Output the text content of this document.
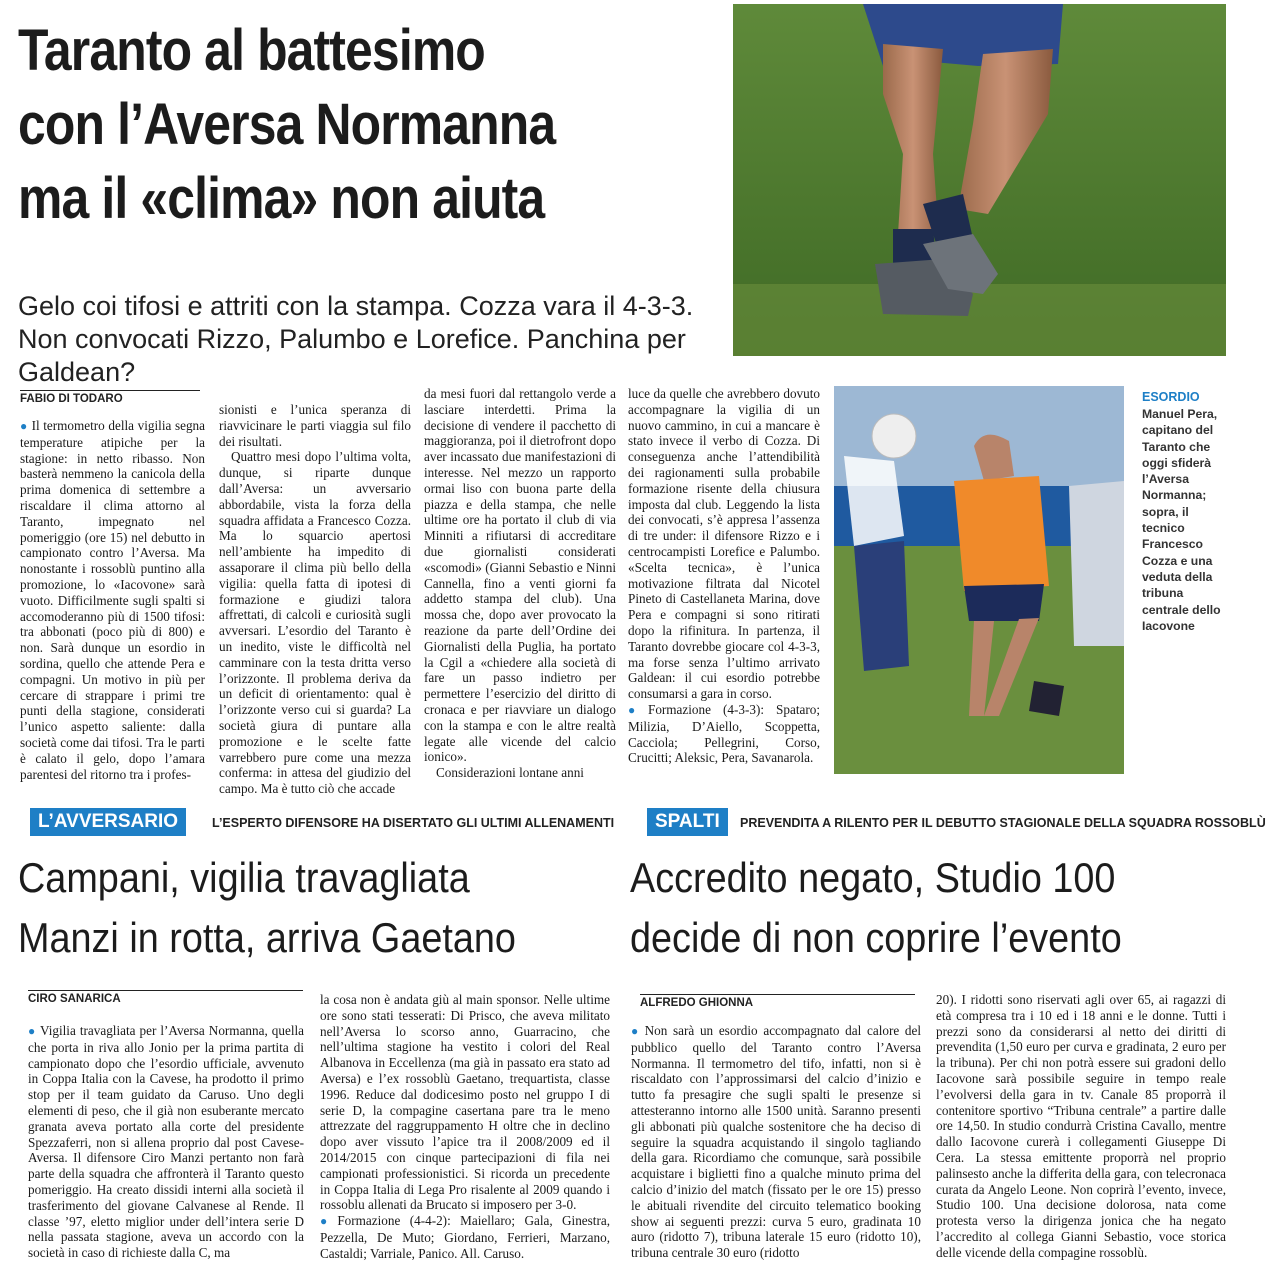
Taranto al battesimo
con l’Aversa Normanna
ma il «clima» non aiuta
Gelo coi tifosi e attriti con la stampa. Cozza vara il 4-3-3. Non convocati Rizzo, Palumbo e Lorefice. Panchina per Galdean?
ESORDIO
Manuel Pera, capitano del Taranto che oggi sfiderà l’Aversa Normanna; sopra, il tecnico Francesco Cozza e una veduta della tribuna centrale dello Iacovone
FABIO DI TODARO

● Il termometro della vigilia segna temperature atipiche per la stagione: in netto ribasso. Non basterà nemmeno la canicola della prima domenica di settembre a riscaldare il clima attorno al Taranto, impegnato nel pomeriggio (ore 15) nel debutto in campionato contro l’Aversa. Ma nonostante i rossoblù puntino alla promozione, lo «Iacovone» sarà vuoto. Difficilmente sugli spalti si accomoderanno più di 1500 tifosi: tra abbonati (poco più di 800) e non. Sarà dunque un esordio in sordina, quello che attende Pera e compagni. Un motivo in più per cercare di strappare i primi tre punti della stagione, considerati l’unico aspetto saliente: dalla società come dai tifosi. Tra le parti è calato il gelo, dopo l’amara parentesi del ritorno tra i profes-

sionisti e l’unica speranza di riavvicinare le parti viaggia sul filo dei risultati.

Quattro mesi dopo l’ultima volta, dunque, si riparte dunque dall’Aversa: un avversario abbordabile, vista la forza della squadra affidata a Francesco Cozza. Ma lo squarcio apertosi nell’ambiente ha impedito di assaporare il clima più bello della vigilia: quella fatta di ipotesi di formazione e giudizi talora affrettati, di calcoli e curiosità sugli avversari. L’esordio del Taranto è un inedito, viste le difficoltà nel camminare con la testa dritta verso l’orizzonte. Il problema deriva da un deficit di orientamento: qual è l’orizzonte verso cui si guarda? La società giura di puntare alla promozione e le scelte fatte varrebbero pure come una mezza conferma: in attesa del giudizio del campo. Ma è tutto ciò che accade

da mesi fuori dal rettangolo verde a lasciare interdetti. Prima la decisione di vendere il pacchetto di maggioranza, poi il dietrofront dopo aver incassato due manifestazioni di interesse. Nel mezzo un rapporto ormai liso con buona parte della piazza e della stampa, che nelle ultime ore ha portato il club di via Minniti a rifiutarsi di accreditare due giornalisti considerati «scomodi» (Gianni Sebastio e Ninni Cannella, fino a venti giorni fa addetto stampa del club). Una mossa che, dopo aver provocato la reazione da parte dell’Ordine dei Giornalisti della Puglia, ha portato la Cgil a «chiedere alla società di fare un passo indietro per permettere l’esercizio del diritto di cronaca e per riavviare un dialogo con la stampa e con le altre realtà legate alle vicende del calcio ionico».

Considerazioni lontane anni

luce da quelle che avrebbero dovuto accompagnare la vigilia di un nuovo cammino, in cui a mancare è stato invece il verbo di Cozza. Di conseguenza anche l’attendibilità dei ragionamenti sulla probabile formazione risente della chiusura imposta dal club. Leggendo la lista dei convocati, s’è appresa l’assenza di tre under: il difensore Rizzo e i centrocampisti Lorefice e Palumbo. «Scelta tecnica», è l’unica motivazione filtrata dal Nicotel Pineto di Castellaneta Marina, dove Pera e compagni si sono ritirati dopo la rifinitura. In partenza, il Taranto dovrebbe giocare col 4-3-3, ma forse senza l’ultimo arrivato Galdean: il cui esordio potrebbe consumarsi a gara in corso.

● Formazione (4-3-3): Spataro; Milizia, D’Aiello, Scoppetta, Cacciola; Pellegrini, Corso, Crucitti; Aleksic, Pera, Savanarola.

L’AVVERSARIO	L’ESPERTO DIFENSORE HA DISERTATO GLI ULTIMI ALLENAMENTI
Campani, vigilia travagliata
Manzi in rotta, arriva Gaetano
CIRO SANARICA

● Vigilia travagliata per l’Aversa Normanna, quella che porta in riva allo Jonio per la prima partita di campionato dopo che l’esordio ufficiale, avvenuto in Coppa Italia con la Cavese, ha prodotto il primo stop per il team guidato da Caruso. Uno degli elementi di peso, che il già non esuberante mercato granata aveva portato alla corte del presidente Spezzaferri, non si allena proprio dal post Cavese-Aversa. Il difensore Ciro Manzi pertanto non farà parte della squadra che affronterà il Taranto questo pomeriggio. Ha creato dissidi interni alla società il trasferimento del giovane Calvanese al Rende. Il classe ’97, eletto miglior under dell’intera serie D nella passata stagione, aveva un accordo con la società in caso di richieste dalla C, ma

la cosa non è andata giù al main sponsor. Nelle ultime ore sono stati tesserati: Di Prisco, che aveva militato nell’Aversa lo scorso anno, Guarracino, che nell’ultima stagione ha vestito i colori del Real Albanova in Eccellenza (ma già in passato era stato ad Aversa) e l’ex rossoblù Gaetano, trequartista, classe 1996. Reduce dal dodicesimo posto nel gruppo I di serie D, la compagine casertana pare tra le meno attrezzate del raggruppamento H oltre che in declino dopo aver vissuto l’apice tra il 2008/2009 ed il 2014/2015 con cinque partecipazioni di fila nei campionati professionistici. Si ricorda un precedente in Coppa Italia di Lega Pro risalente al 2009 quando i rossoblu allenati da Brucato si imposero per 3-0.

● Formazione (4-4-2): Maiellaro; Gala, Ginestra, Pezzella, De Muto; Giordano, Ferrieri, Marzano, Castaldi; Varriale, Panico. All. Caruso.

SPALTI	PREVENDITA A RILENTO PER IL DEBUTTO STAGIONALE DELLA SQUADRA ROSSOBLÙ
Accredito negato, Studio 100
decide di non coprire l’evento
ALFREDO GHIONNA

● Non sarà un esordio accompagnato dal calore del pubblico quello del Taranto contro l’Aversa Normanna. Il termometro del tifo, infatti, non si è riscaldato con l’approssimarsi del calcio d’inizio e tutto fa presagire che sugli spalti le presenze si attesteranno intorno alle 1500 unità. Saranno presenti gli abbonati più qualche sostenitore che ha deciso di seguire la squadra acquistando il singolo tagliando della gara. Ricordiamo che comunque, sarà possibile acquistare i biglietti fino a qualche minuto prima del calcio d’inizio del match (fissato per le ore 15) presso le abituali rivendite del circuito telematico booking show ai seguenti prezzi: curva 5 euro, gradinata 10 auro (ridotto 7), tribuna laterale 15 euro (ridotto 10), tribuna centrale 30 euro (ridotto

20). I ridotti sono riservati agli over 65, ai ragazzi di età compresa tra i 10 ed i 18 anni e le donne. Tutti i prezzi sono da considerarsi al netto dei diritti di prevendita (1,50 euro per curva e gradinata, 2 euro per la tribuna). Per chi non potrà essere sui gradoni dello Iacovone sarà possibile seguire in tempo reale l’evolversi della gara in tv. Canale 85 proporrà il contenitore sportivo “Tribuna centrale” a partire dalle ore 14,50. In studio condurrà Cristina Cavallo, mentre dallo Iacovone curerà i collegamenti Giuseppe Di Cera. La stessa emittente proporrà nel proprio palinsesto anche la differita della gara, con telecronaca curata da Angelo Leone. Non coprirà l’evento, invece, Studio 100. Una decisione dolorosa, nata come protesta verso la dirigenza jonica che ha negato l’accredito al collega Gianni Sebastio, voce storica delle vicende della compagine rossoblù.
